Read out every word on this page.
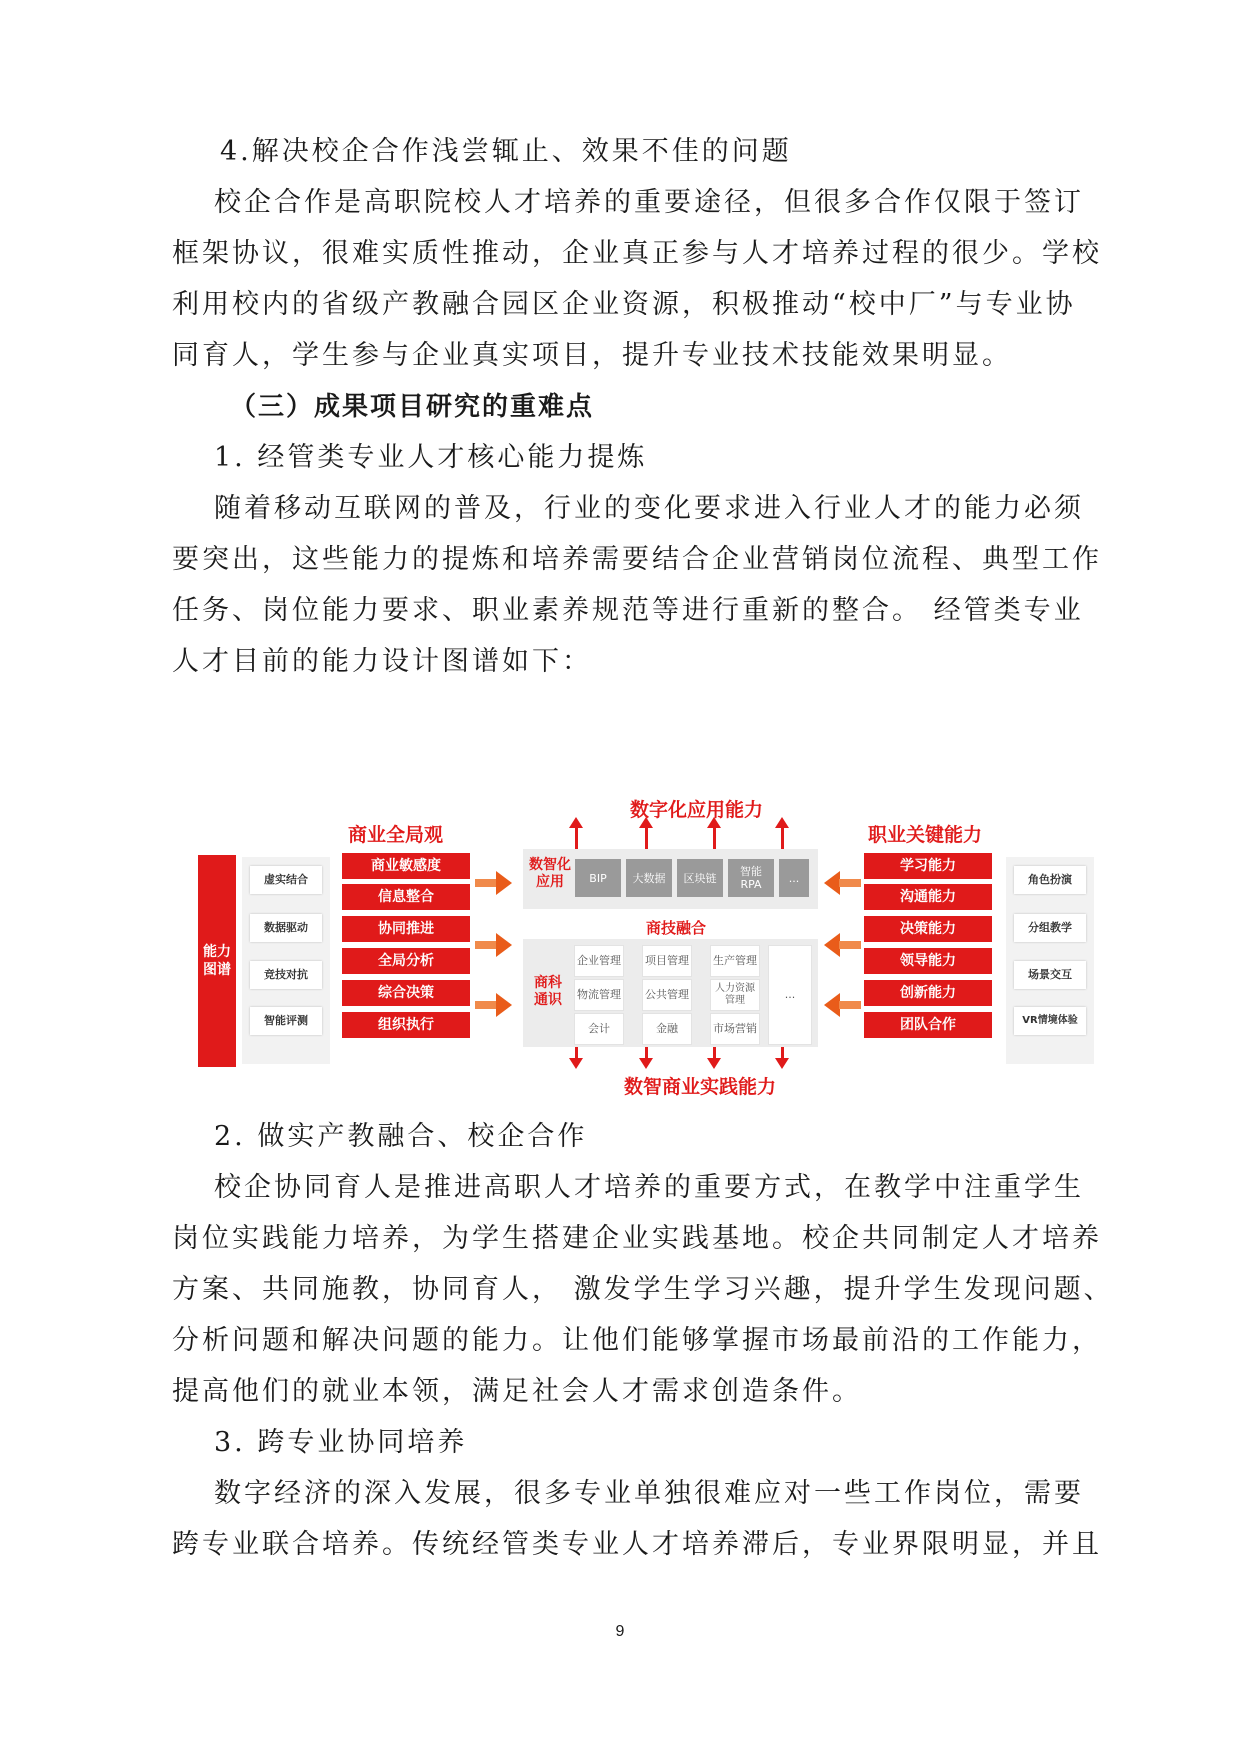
4.解决校企合作浅尝辄止、效果不佳的问题
校企合作是高职院校人才培养的重要途径，但很多合作仅限于签订
框架协议，很难实质性推动，企业真正参与人才培养过程的很少。学校
利用校内的省级产教融合园区企业资源，积极推动“校中厂”与专业协
同育人，学生参与企业真实项目，提升专业技术技能效果明显。
（三）成果项目研究的重难点
1. 经管类专业人才核心能力提炼
随着移动互联网的普及，行业的变化要求进入行业人才的能力必须
要突出，这些能力的提炼和培养需要结合企业营销岗位流程、典型工作
任务、岗位能力要求、职业素养规范等进行重新的整合。 经管类专业
人才目前的能力设计图谱如下：
能力图谱
虚实结合
数据驱动
竞技对抗
智能评测
商业全局观
商业敏感度
信息整合
协同推进
全局分析
综合决策
组织执行
数字化应用能力
数智化应用	BIP	大数据	区块链	智能RPA	...
商技融合
商科通识
企业管理 项目管理 生产管理
物流管理 公共管理	人力资源管理
会计	金融	市场营销
...
数智商业实践能力
职业关键能力
学习能力
沟通能力
决策能力
领导能力
创新能力
团队合作
角色扮演
分组教学
场景交互
VR情境体验
2. 做实产教融合、校企合作
校企协同育人是推进高职人才培养的重要方式，在教学中注重学生
岗位实践能力培养，为学生搭建企业实践基地。校企共同制定人才培养
方案、共同施教，协同育人， 激发学生学习兴趣，提升学生发现问题、
分析问题和解决问题的能力。让他们能够掌握市场最前沿的工作能力，
提高他们的就业本领，满足社会人才需求创造条件。
3. 跨专业协同培养
数字经济的深入发展，很多专业单独很难应对一些工作岗位，需要
跨专业联合培养。传统经管类专业人才培养滞后，专业界限明显，并且
9
